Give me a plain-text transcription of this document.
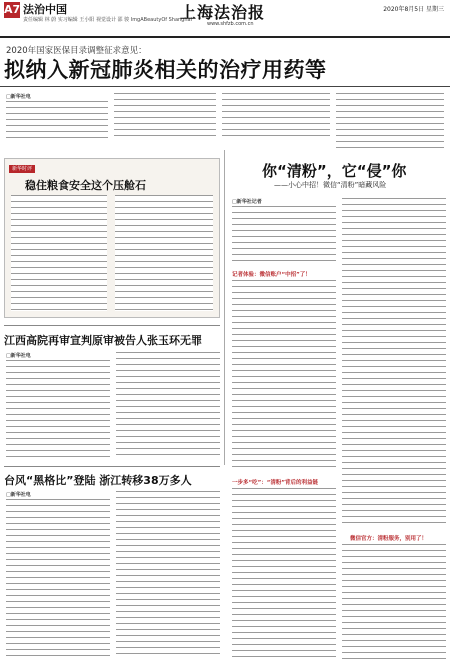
A7 法治中国
责任编辑 林 蔚 实习编辑 王小阳 视觉设计 邵 骏 ImgABeautyOf Shanghai
上海法治报
www.shfzb.com.cn
2020年8月5日 星期三
2020年国家医保目录调整征求意见：
拟纳入新冠肺炎相关的治疗用药等
□新华社电
新华时评
稳住粮食安全这个压舱石
你“清粉”，它“侵”你
——小心中招！微信“清粉”暗藏风险
□新华社记者
记者体验：微信账户“中招”了！
一步多“吃”：“清粉”背后的利益链
微信官方：清粉服务，别用了！
江西高院再审宣判原审被告人张玉环无罪
□新华社电
台风“黑格比”登陆 浙江转移38万多人
□新华社电
